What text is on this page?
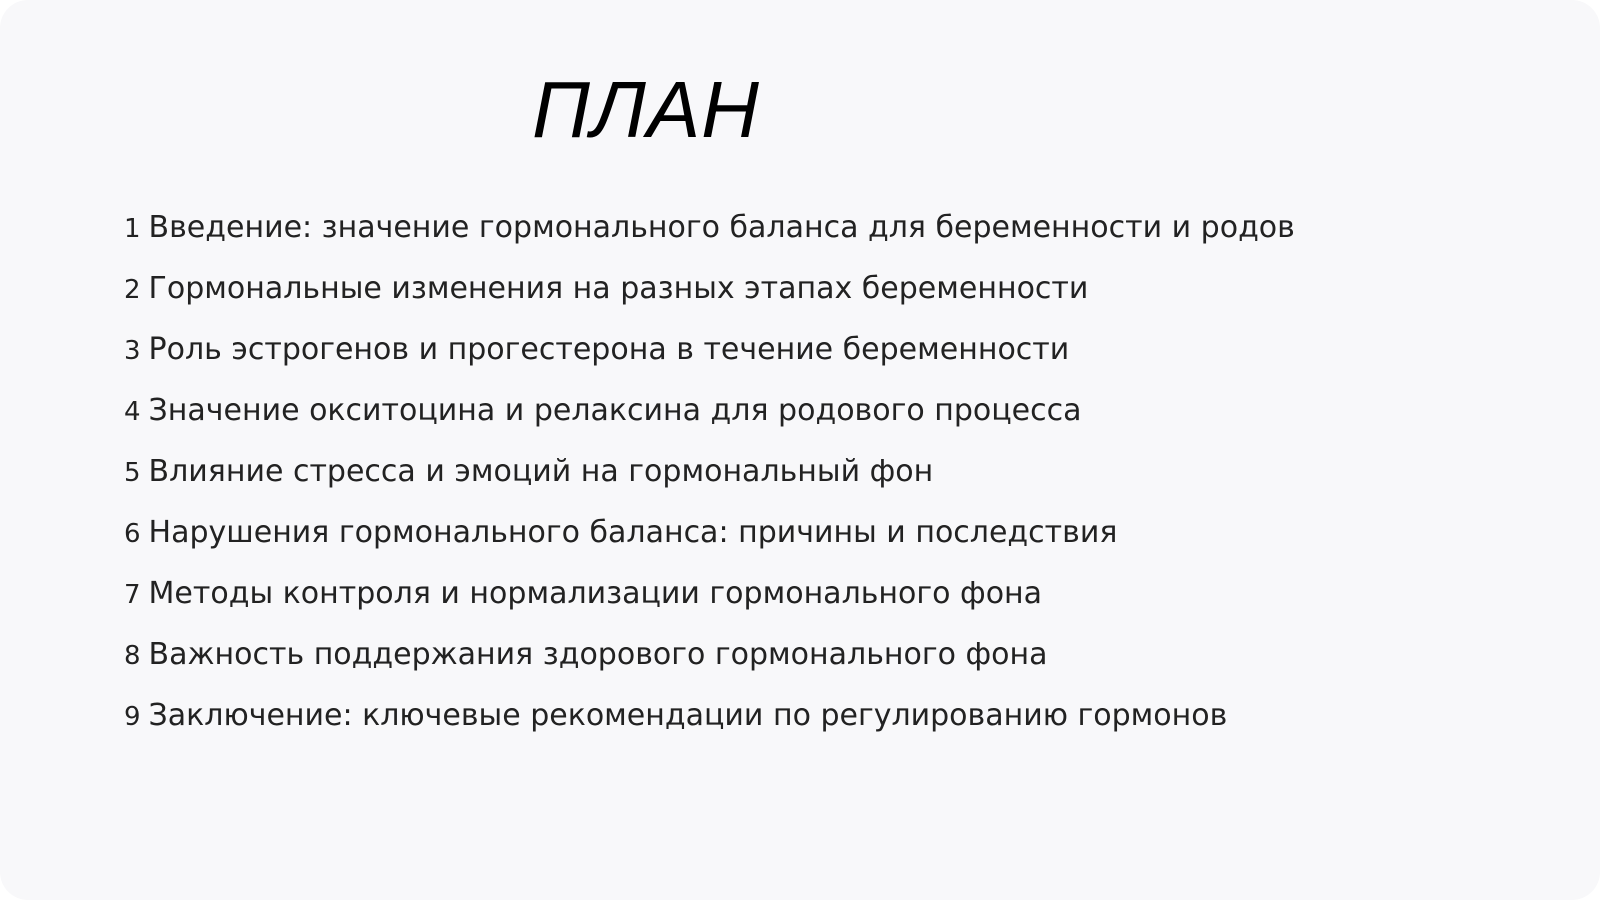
ПЛАН
1 Введение: значение гормонального баланса для беременности и родов
2 Гормональные изменения на разных этапах беременности
3 Роль эстрогенов и прогестерона в течение беременности
4 Значение окситоцина и релаксина для родового процесса
5 Влияние стресса и эмоций на гормональный фон
6 Нарушения гормонального баланса: причины и последствия
7 Методы контроля и нормализации гормонального фона
8 Важность поддержания здорового гормонального фона
9 Заключение: ключевые рекомендации по регулированию гормонов
